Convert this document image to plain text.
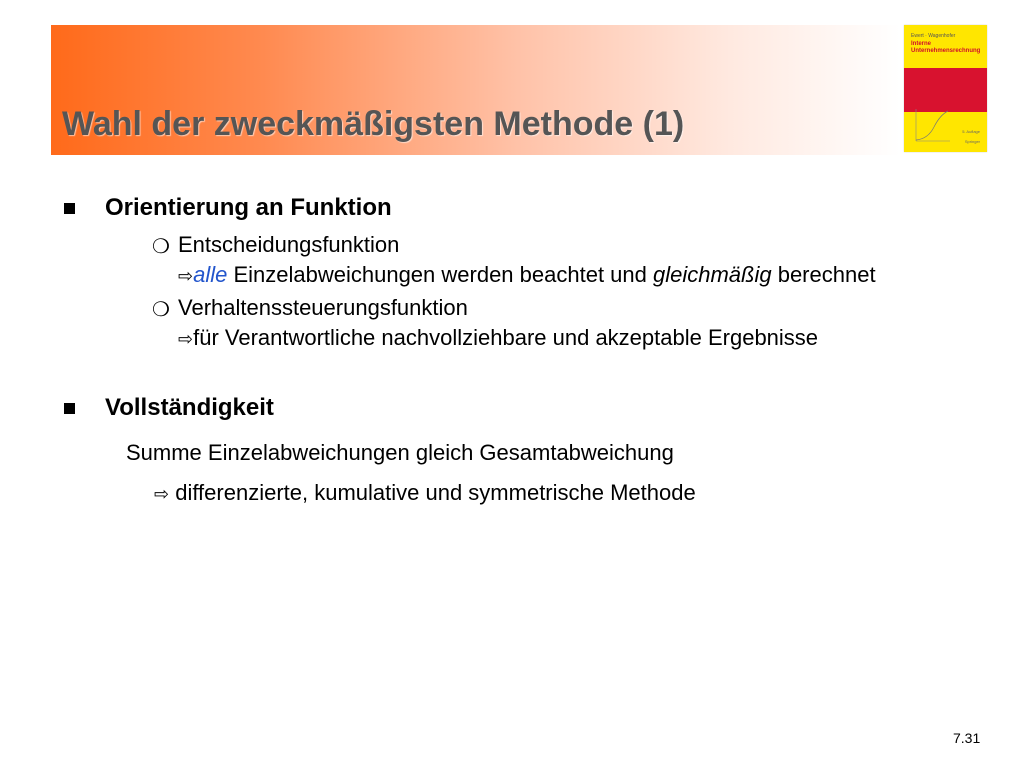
Wahl der zweckmäßigsten Methode (1)
Ewert · Wagenhofer
Interne
Unternehmensrechnung
5. Auflage
Springer
Orientierung an Funktion
❍ Entscheidungsfunktion
⇨alle Einzelabweichungen werden beachtet und gleichmäßig berechnet
❍ Verhaltenssteuerungsfunktion
⇨für Verantwortliche nachvollziehbare und akzeptable Ergebnisse
Vollständigkeit
Summe Einzelabweichungen gleich Gesamtabweichung
⇨ differenzierte, kumulative und symmetrische Methode
7.31
